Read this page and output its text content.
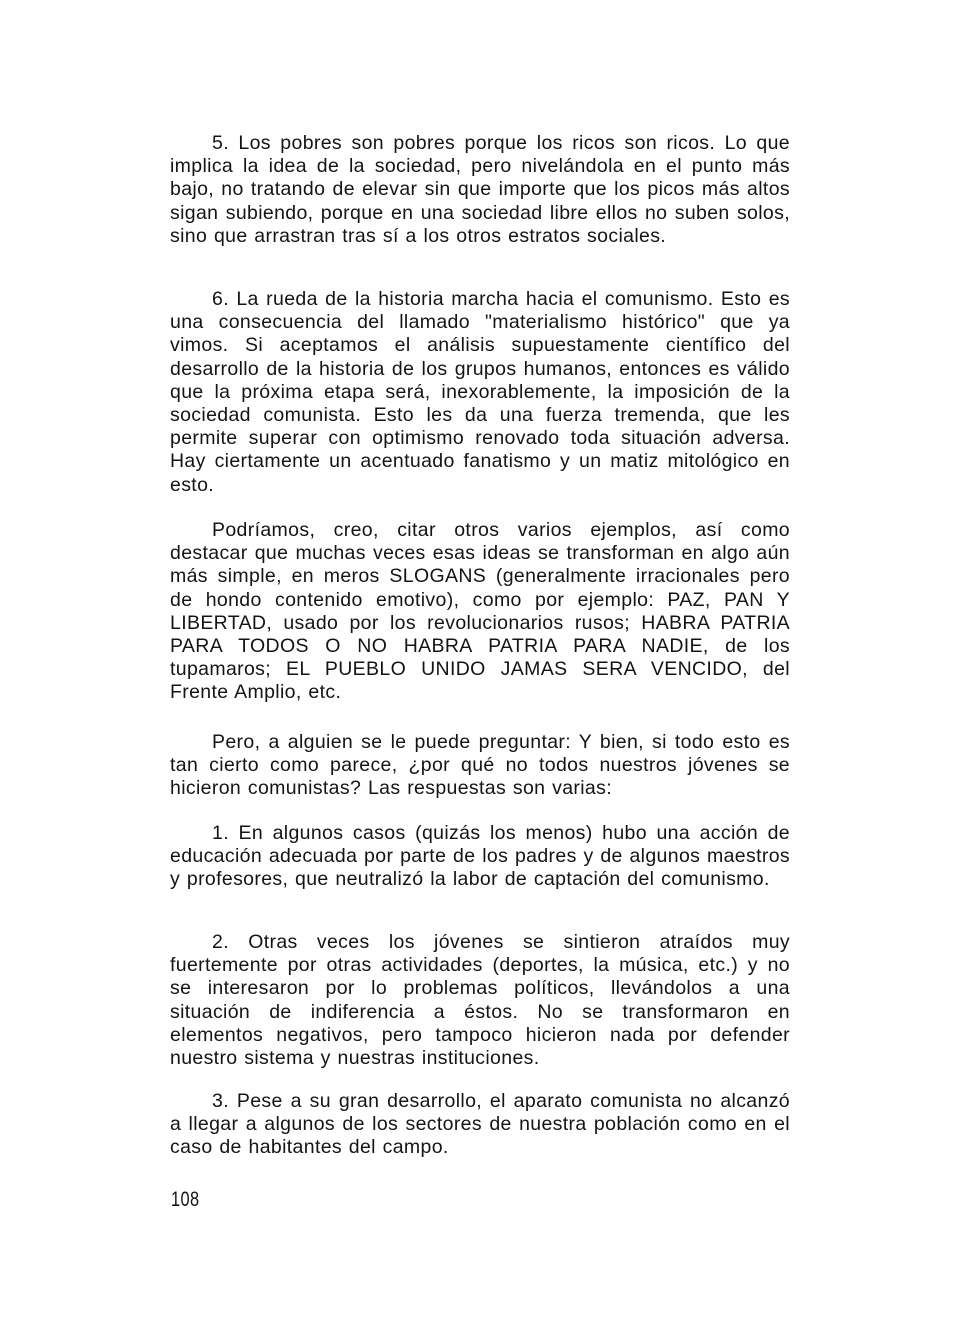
5. Los pobres son pobres porque los ricos son ricos. Lo que implica la idea de la sociedad, pero nivelándola en el punto más bajo, no tratando de elevar sin que importe que los picos más altos sigan subiendo, porque en una sociedad libre ellos no suben solos, sino que arrastran tras sí a los otros estratos sociales.

6. La rueda de la historia marcha hacia el comunismo. Esto es una consecuencia del llamado "materialismo histórico" que ya vimos. Si aceptamos el análisis supuestamente científico del desarrollo de la historia de los grupos humanos, entonces es válido que la próxima etapa será, inexorablemente, la imposición de la sociedad comunista. Esto les da una fuerza tremenda, que les permite superar con optimismo renovado toda situación adversa. Hay ciertamente un acentuado fanatismo y un matiz mitológico en esto.

Podríamos, creo, citar otros varios ejemplos, así como destacar que muchas veces esas ideas se transforman en algo aún más simple, en meros SLOGANS (generalmente irracionales pero de hondo contenido emotivo), como por ejemplo: PAZ, PAN Y LIBERTAD, usado por los revolucionarios rusos; HABRA PATRIA PARA TODOS O NO HABRA PATRIA PARA NADIE, de los tupamaros; EL PUEBLO UNIDO JAMAS SERA VENCIDO, del Frente Amplio, etc.

Pero, a alguien se le puede preguntar: Y bien, si todo esto es tan cierto como parece, ¿por qué no todos nuestros jóvenes se hicieron comunistas? Las respuestas son varias:

1. En algunos casos (quizás los menos) hubo una acción de educación adecuada por parte de los padres y de algunos maestros y profesores, que neutralizó la labor de captación del comunismo.

2. Otras veces los jóvenes se sintieron atraídos muy fuertemente por otras actividades (deportes, la música, etc.) y no se interesaron por lo problemas políticos, llevándolos a una situación de indiferencia a éstos. No se transformaron en elementos negativos, pero tampoco hicieron nada por defender nuestro sistema y nuestras instituciones.

3. Pese a su gran desarrollo, el aparato comunista no alcanzó a llegar a algunos de los sectores de nuestra población como en el caso de habitantes del campo.

108
